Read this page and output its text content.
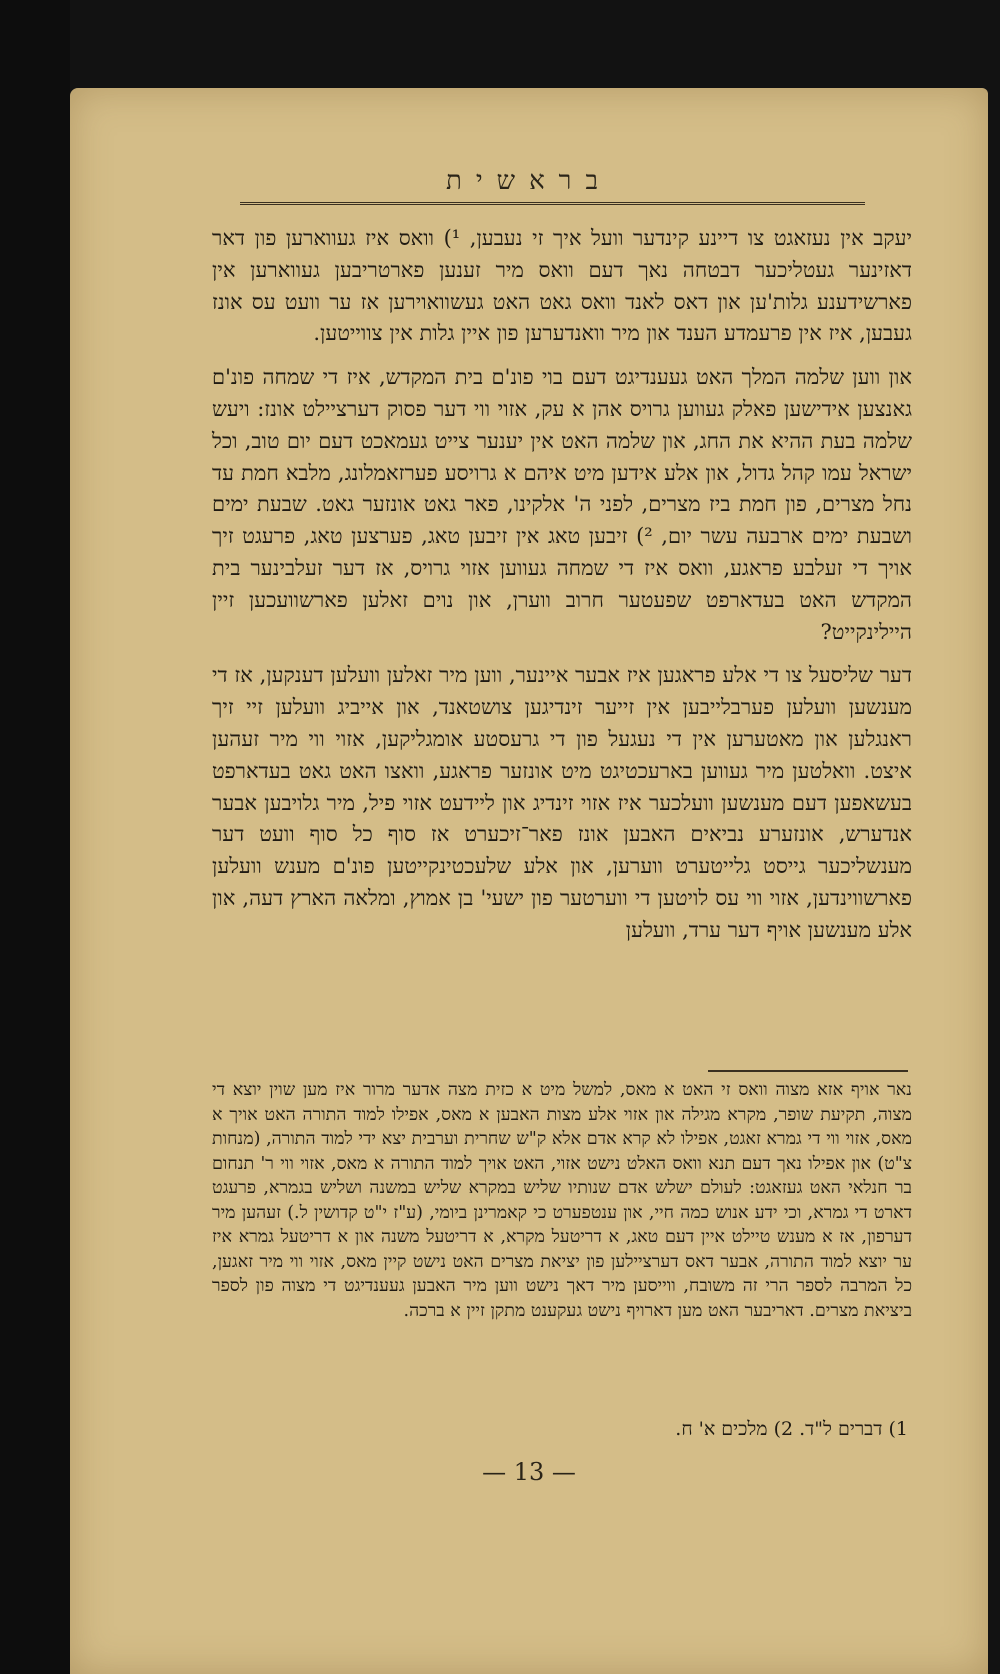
בראשית

יעקב אין נעזאגט צו דיינע קינדער וועל איך זי נעבען, ¹) וואס איז געווארען פון דאר דאזינער געטליכער דבטחה נאך דעם וואס מיר זענען פארטריבען געווארען אין פארשידענע גלות'ען און דאס לאנד וואס גאט האט געשוואוירען אז ער וועט עס אונז געבען, איז אין פרעמדע הענד און מיר וואנדערען פון איין גלות אין צווייטען.

און ווען שלמה המלך האט געענדיגט דעם בוי פונ'ם בית המקדש, איז די שמחה פונ'ם גאנצען אידישען פאלק געווען גרויס אהן א עק, אזוי ווי דער פסוק דערציילט אונז: ויעש שלמה בעת ההיא את החג, און שלמה האט אין יענער צייט געמאכט דעם יום טוב, וכל ישראל עמו קהל גדול, און אלע אידען מיט איהם א גרויסע פערזאמלונג, מלבא חמת עד נחל מצרים, פון חמת ביז מצרים, לפני ה' אלקינו, פאר גאט אונזער גאט. שבעת ימים ושבעת ימים ארבעה עשר יום, ²) זיבען טאג אין זיבען טאג, פערצען טאג, פרעגט זיך אויך די זעלבע פראגע, וואס איז די שמחה געווען אזוי גרויס, אז דער זעלבינער בית המקדש האט בעדארפט שפעטער חרוב ווערן, און נוים זאלען פארשוועכען זיין היילינקייט?

דער שליסעל צו די אלע פראגען איז אבער איינער, ווען מיר זאלען וועלען דענקען, אז די מענשען וועלען פערבלייבען אין זייער זינדיגען צושטאנד, און אייביג וועלען זיי זיך ראנגלען און מאטערען אין די נעגעל פון די גרעסטע אומגליקען, אזוי ווי מיר זעהען איצט. וואלטען מיר געווען בארעכטיגט מיט אונזער פראגע, וואצו האט גאט בעדארפט בעשאפען דעם מענשען וועלכער איז אזוי זינדיג און ליידעט אזוי פיל, מיר גלויבען אבער אנדערש, אונזערע נביאים האבען אונז פאר־זיכערט אז סוף כל סוף וועט דער מענשליכער גייסט גלייטערט ווערען, און אלע שלעכטינקייטען פונ'ם מענש וועלען פארשווינדען, אזוי ווי עס לויטען די ווערטער פון ישעי' בן אמוץ, ומלאה הארץ דעה, און אלע מענשען אויף דער ערד, וועלען

נאר אויף אזא מצוה וואס זי האט א מאס, למשל מיט א כזית מצה אדער מרור איז מען שוין יוצא די מצוה, תקיעת שופר, מקרא מגילה און אזוי אלע מצות האבען א מאס, אפילו למוד התורה האט אויך א מאס, אזוי ווי די גמרא זאגט, אפילו לא קרא אדם אלא ק"ש שחרית וערבית יצא ידי למוד התורה, (מנחות צ"ט) און אפילו נאך דעם תנא וואס האלט נישט אזוי, האט אויך למוד התורה א מאס, אזוי ווי ר' תנחום בר חנלאי האט געזאגט: לעולם ישלש אדם שנותיו שליש במקרא שליש במשנה ושליש בגמרא, פרעגט דארט די גמרא, וכי ידע אנוש כמה חיי, און ענטפערט כי קאמרינן ביומי, (ע"ז י"ט קדושין ל.) זעהען מיר דערפון, אז א מענש טיילט איין דעם טאג, א דריטעל מקרא, א דריטעל משנה און א דריטעל גמרא איז ער יוצא למוד התורה, אבער דאס דערציילען פון יציאת מצרים האט נישט קיין מאס, אזוי ווי מיר זאגען, כל המרבה לספר הרי זה משובח, ווייסען מיר דאך נישט ווען מיר האבען געענדיגט די מצוה פון לספר ביציאת מצרים. דאריבער האט מען דארויף נישט געקענט מתקן זיין א ברכה.

1) דברים ל"ד. 2) מלכים א' ח.
— 13 —
